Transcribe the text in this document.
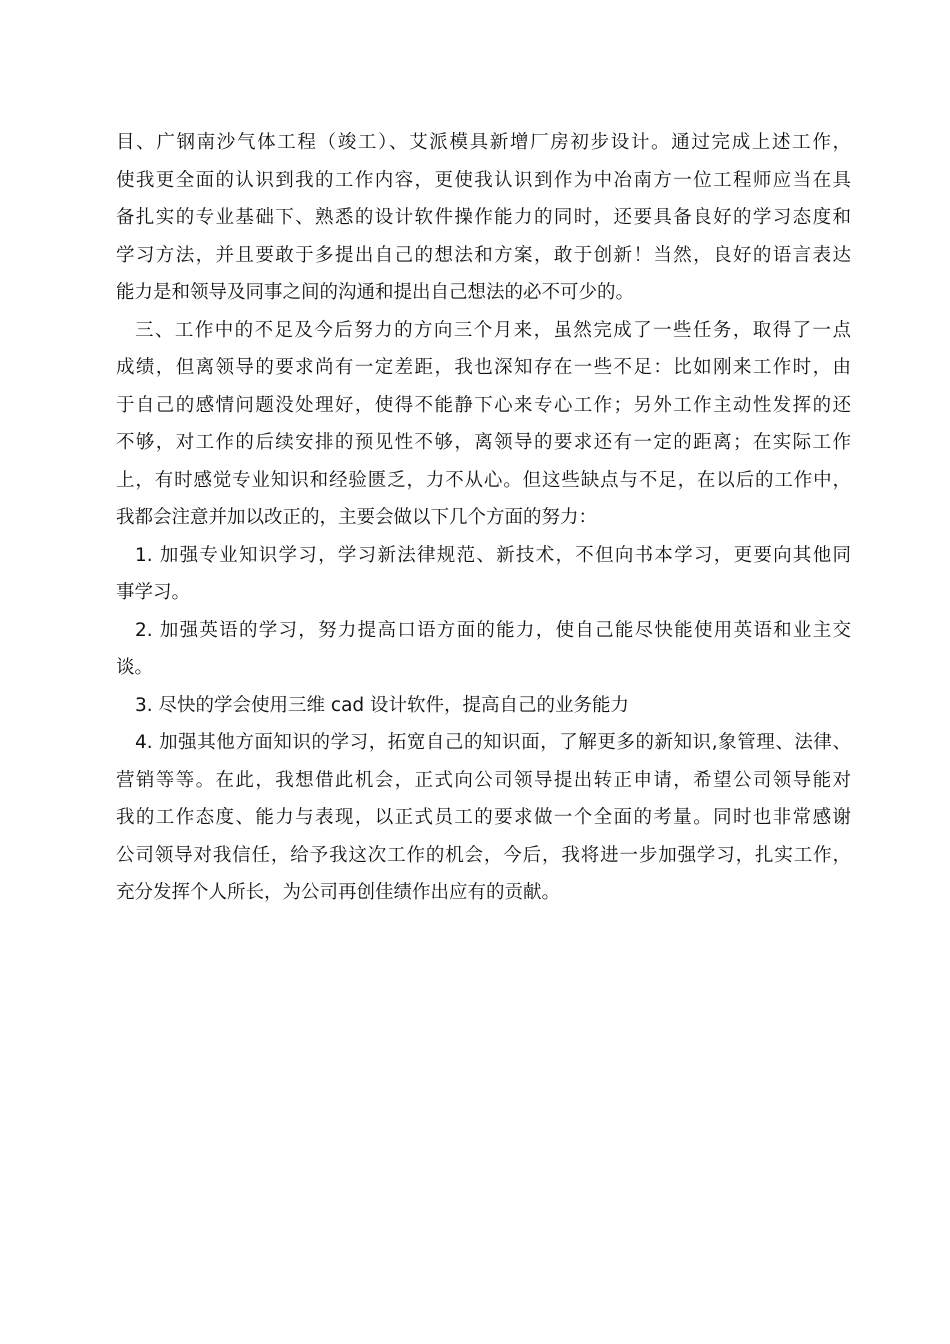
目、广钢南沙气体工程（竣工）、艾派模具新增厂房初步设计。通过完成上述工作，
使我更全面的认识到我的工作内容，更使我认识到作为中冶南方一位工程师应当在具
备扎实的专业基础下、熟悉的设计软件操作能力的同时，还要具备良好的学习态度和
学习方法，并且要敢于多提出自己的想法和方案，敢于创新！当然，良好的语言表达
能力是和领导及同事之间的沟通和提出自己想法的必不可少的。
三、工作中的不足及今后努力的方向三个月来，虽然完成了一些任务，取得了一点
成绩，但离领导的要求尚有一定差距，我也深知存在一些不足：比如刚来工作时，由
于自己的感情问题没处理好，使得不能静下心来专心工作；另外工作主动性发挥的还
不够，对工作的后续安排的预见性不够，离领导的要求还有一定的距离；在实际工作
上，有时感觉专业知识和经验匮乏，力不从心。但这些缺点与不足，在以后的工作中，
我都会注意并加以改正的，主要会做以下几个方面的努力：
1. 加强专业知识学习，学习新法律规范、新技术，不但向书本学习，更要向其他同
事学习。
2. 加强英语的学习，努力提高口语方面的能力，使自己能尽快能使用英语和业主交
谈。
3. 尽快的学会使用三维 cad 设计软件，提高自己的业务能力
4. 加强其他方面知识的学习，拓宽自己的知识面，了解更多的新知识,象管理、法律、
营销等等。在此，我想借此机会，正式向公司领导提出转正申请，希望公司领导能对
我的工作态度、能力与表现，以正式员工的要求做一个全面的考量。同时也非常感谢
公司领导对我信任，给予我这次工作的机会，今后，我将进一步加强学习，扎实工作，
充分发挥个人所长，为公司再创佳绩作出应有的贡献。
